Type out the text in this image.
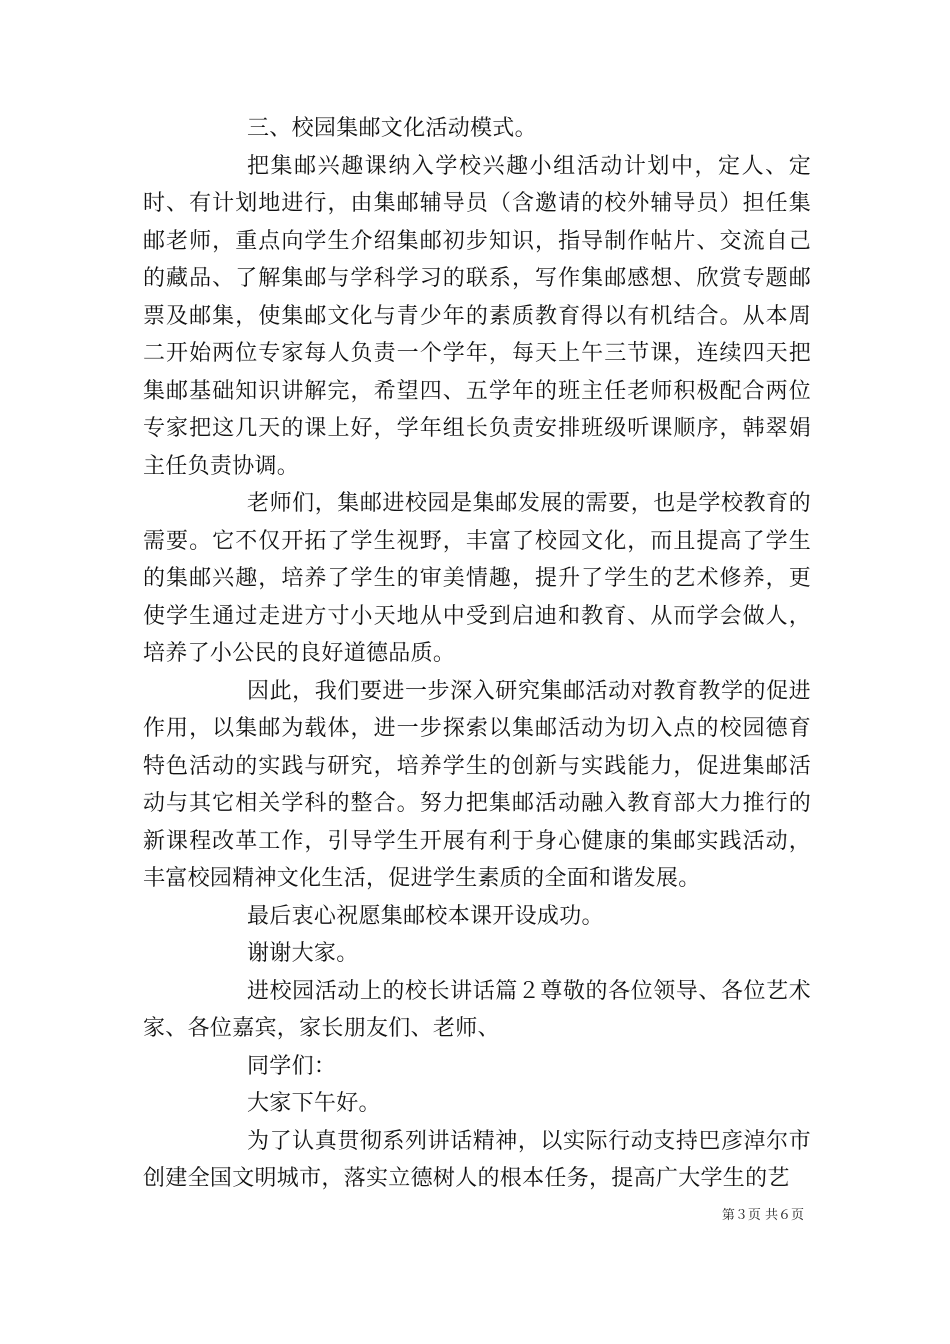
三、校园集邮文化活动模式。

把集邮兴趣课纳入学校兴趣小组活动计划中，定人、定时、有计划地进行，由集邮辅导员（含邀请的校外辅导员）担任集邮老师，重点向学生介绍集邮初步知识，指导制作帖片、交流自己的藏品、了解集邮与学科学习的联系，写作集邮感想、欣赏专题邮票及邮集，使集邮文化与青少年的素质教育得以有机结合。从本周二开始两位专家每人负责一个学年，每天上午三节课，连续四天把集邮基础知识讲解完，希望四、五学年的班主任老师积极配合两位专家把这几天的课上好，学年组长负责安排班级听课顺序，韩翠娟主任负责协调。

老师们，集邮进校园是集邮发展的需要，也是学校教育的需要。它不仅开拓了学生视野，丰富了校园文化，而且提高了学生的集邮兴趣，培养了学生的审美情趣，提升了学生的艺术修养，更使学生通过走进方寸小天地从中受到启迪和教育、从而学会做人，培养了小公民的良好道德品质。

因此，我们要进一步深入研究集邮活动对教育教学的促进作用，以集邮为载体，进一步探索以集邮活动为切入点的校园德育特色活动的实践与研究，培养学生的创新与实践能力，促进集邮活动与其它相关学科的整合。努力把集邮活动融入教育部大力推行的新课程改革工作，引导学生开展有利于身心健康的集邮实践活动，丰富校园精神文化生活，促进学生素质的全面和谐发展。

最后衷心祝愿集邮校本课开设成功。

谢谢大家。

进校园活动上的校长讲话篇２尊敬的各位领导、各位艺术家、各位嘉宾，家长朋友们、老师、

同学们：

大家下午好。

为了认真贯彻系列讲话精神，以实际行动支持巴彦淖尔市创建全国文明城市，落实立德树人的根本任务，提高广大学生的艺

第３页 共６页
